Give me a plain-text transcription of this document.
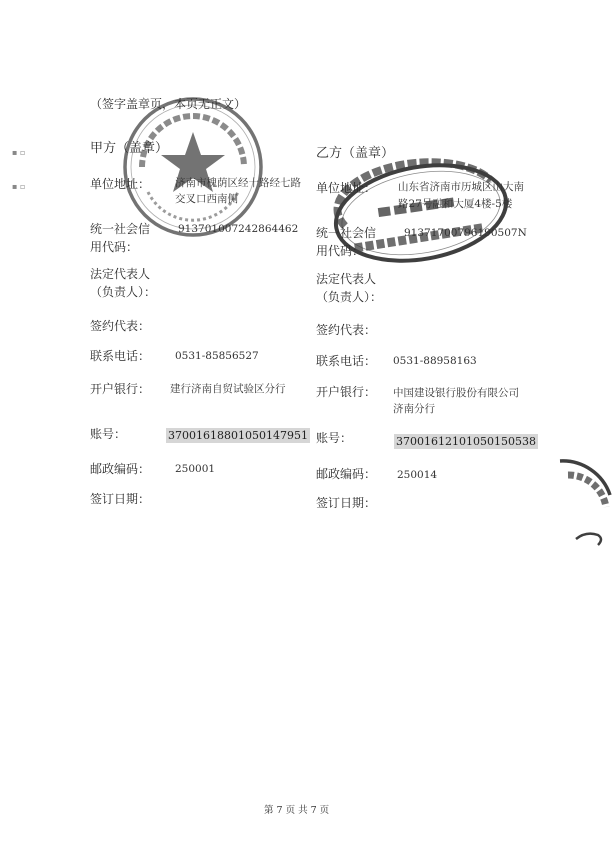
▪ ▫
▪ ▫
（签字盖章页，本页无正文）
甲方（盖章）
单位地址： 济南市槐荫区经十路经七路
交叉口西南侧
统一社会信
用代码：
913701007242864462
法定代表人
（负责人）：
签约代表：
联系电话： 0531-85856527
开户银行： 建行济南自贸试验区分行
账号：	37001618801050147951
邮政编码： 250001
签订日期：
乙方（盖章）
单位地址： 山东省济南市历城区山大南
路27号融和大厦4楼-5楼
统一社会信
用代码：
91371700796190507N
法定代表人
（负责人）：
签约代表：
联系电话： 0531-88958163
开户银行： 中国建设银行股份有限公司
济南分行
账号：	37001612101050150538
邮政编码： 250014
签订日期：
第 7 页 共 7 页
